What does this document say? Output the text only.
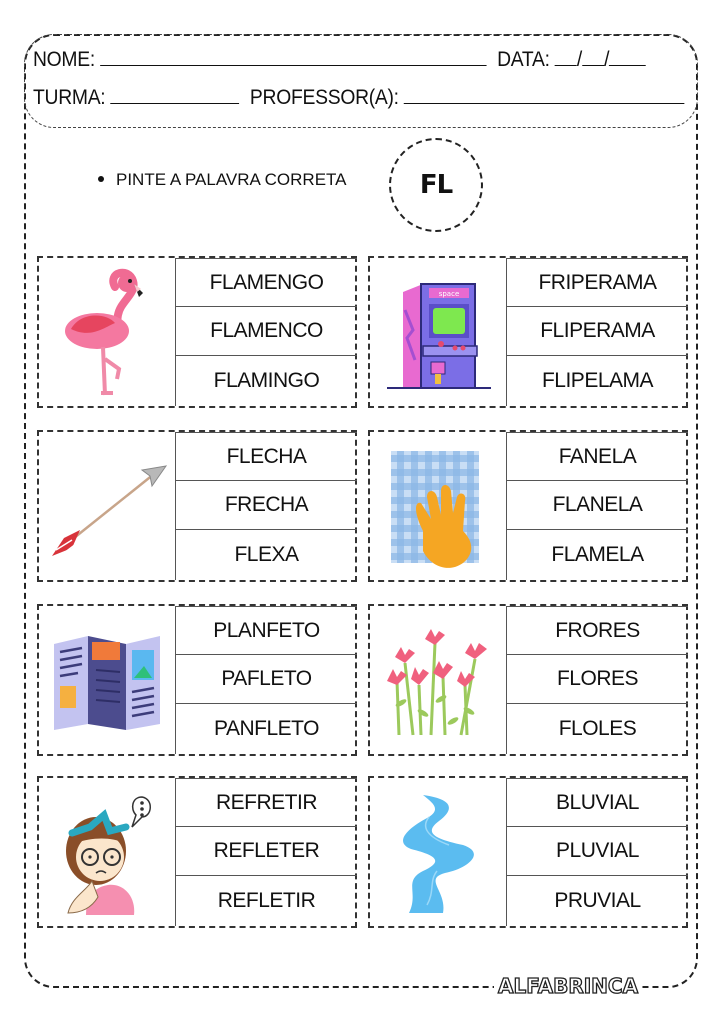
NOME:	DATA: / /
TURMA:	PROFESSOR(A):
PINTE A PALAVRA CORRETA	FL
FLAMENGO
FLAMENCO
FLAMINGO
space	FRIPERAMA
FLIPERAMA
FLIPELAMA
FLECHA
FRECHA
FLEXA
FANELA
FLANELA
FLAMELA
PLANFETO
PAFLETO
PANFLETO
FRORES
FLORES
FLOLES
REFRETIR
REFLETER
REFLETIR
BLUVIAL
PLUVIAL
PRUVIAL
ALFABRINCA
